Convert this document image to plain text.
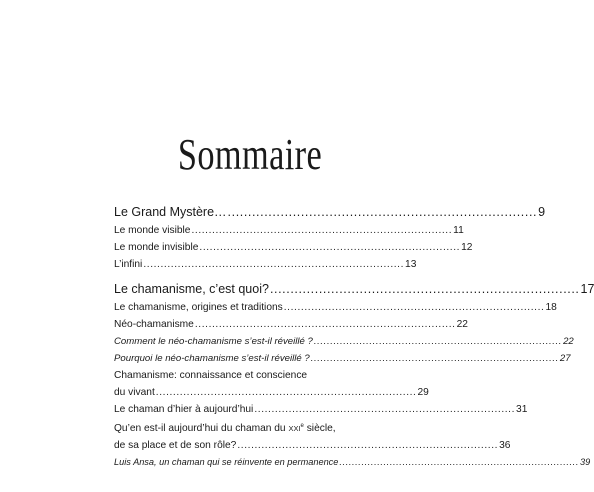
Sommaire
Le Grand Mystère… ............................................................................ 9
Le monde visible ............................................................................ 11
Le monde invisible ............................................................................ 12
L’infini ............................................................................ 13
Le chamanisme, c’est quoi? ............................................................................ 17
Le chamanisme, origines et traditions ............................................................................ 18
Néo-chamanisme ............................................................................ 22
Comment le néo-chamanisme s’est-il réveillé ? ............................................................................ 22
Pourquoi le néo-chamanisme s’est-il réveillé ? ............................................................................ 27
Chamanisme: connaissance et conscience
du vivant ............................................................................ 29
Le chaman d’hier à aujourd’hui ............................................................................ 31
Qu’en est-il aujourd’hui du chaman du XXIe siècle,
de sa place et de son rôle? ............................................................................ 36
Luis Ansa, un chaman qui se réinvente en permanence ............................................................................ 39
